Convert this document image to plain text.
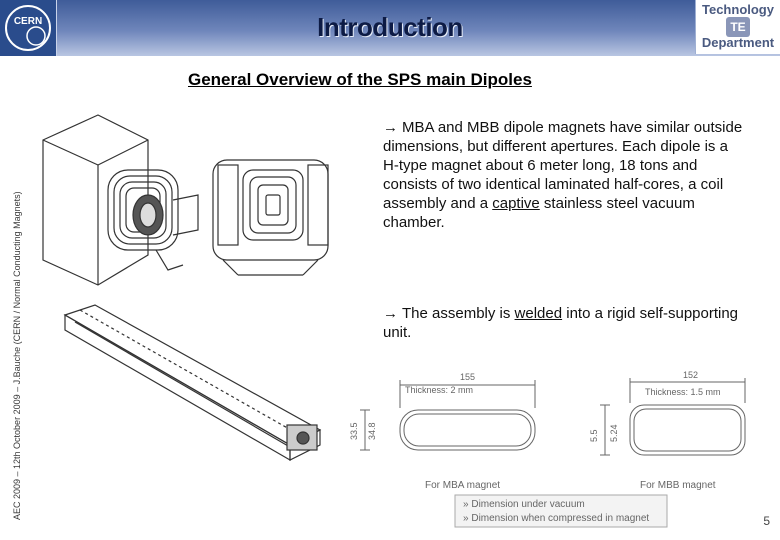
CERN	Introduction
Technology
TE
Department
AEC 2009 – 12th October 2009 – J.Bauche (CERN / Normal Conducting Magnets)
General Overview of the SPS main Dipoles
→ MBA and MBB dipole magnets have similar outside dimensions, but different apertures. Each dipole is a H-type magnet about 6 meter long, 18 tons and consists of two identical laminated half-cores, a coil assembly and a captive stainless steel vacuum chamber.
→ The assembly is welded into a rigid self-supporting unit.
Thickness: 2 mm
155
33.5 34.8
For MBA magnet
Thickness: 1.5 mm
152
5.5 5.24
For MBB magnet
» Dimension under vacuum
» Dimension when compressed in magnet	5
